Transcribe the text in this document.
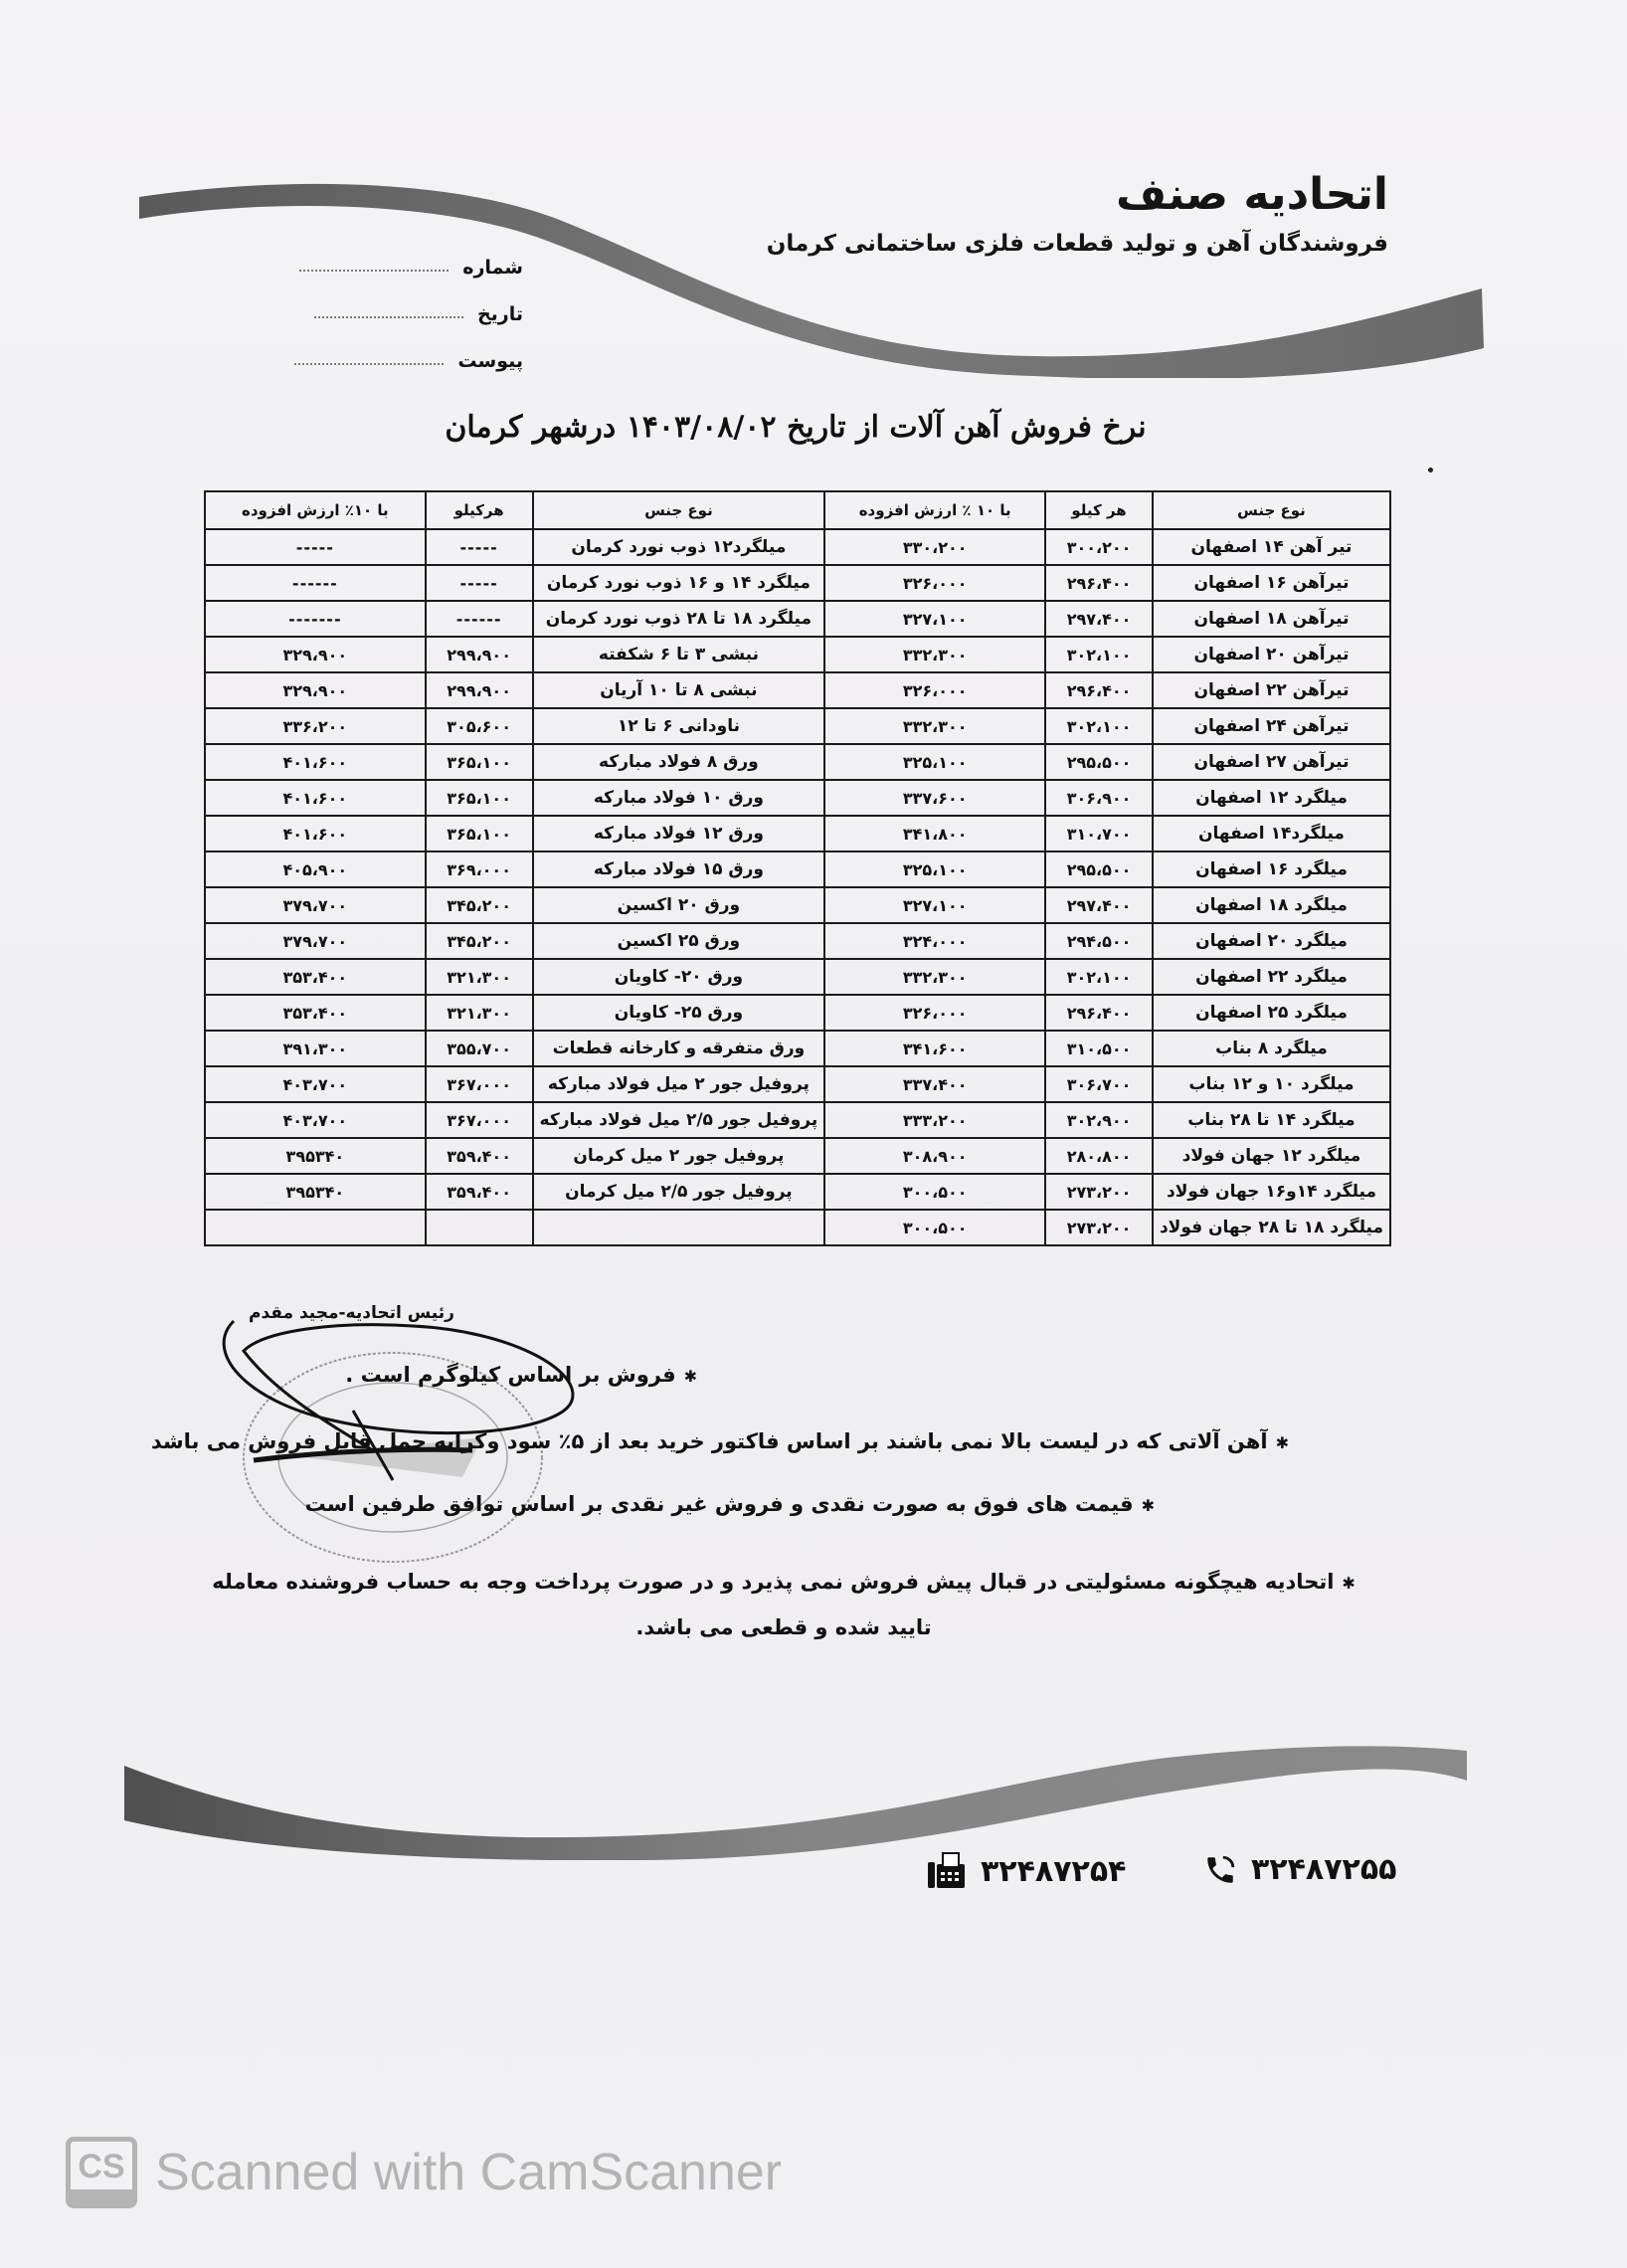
اتحادیه صنف
فروشندگان آهن و تولید قطعات فلزی ساختمانی کرمان
شماره
تاریخ
پیوست
نرخ فروش آهن آلات از تاریخ ۱۴۰۳/۰۸/۰۲ درشهر کرمان
نوع جنس	هر کیلو	با ۱۰ ٪ ارزش افزوده	نوع جنس	هرکیلو	با ۱۰٪ ارزش افزوده
تیر آهن ۱۴ اصفهان	۳۰۰،۲۰۰	۳۳۰،۲۰۰	میلگرد۱۲ ذوب نورد کرمان	-----	-----
تیرآهن ۱۶ اصفهان	۲۹۶،۴۰۰	۳۲۶،۰۰۰	میلگرد ۱۴ و ۱۶ ذوب نورد کرمان	-----	------
تیرآهن ۱۸ اصفهان	۲۹۷،۴۰۰	۳۲۷،۱۰۰	میلگرد ۱۸ تا ۲۸ ذوب نورد کرمان	------	-------
تیرآهن ۲۰ اصفهان	۳۰۲،۱۰۰	۳۳۲،۳۰۰	نبشی ۳ تا ۶ شکفته	۲۹۹،۹۰۰	۳۲۹،۹۰۰
تیرآهن ۲۲ اصفهان	۲۹۶،۴۰۰	۳۲۶،۰۰۰	نبشی ۸ تا ۱۰ آریان	۲۹۹،۹۰۰	۳۲۹،۹۰۰
تیرآهن ۲۴ اصفهان	۳۰۲،۱۰۰	۳۳۲،۳۰۰	ناودانی ۶ تا ۱۲	۳۰۵،۶۰۰	۳۳۶،۲۰۰
تیرآهن ۲۷ اصفهان	۲۹۵،۵۰۰	۳۲۵،۱۰۰	ورق ۸ فولاد مبارکه	۳۶۵،۱۰۰	۴۰۱،۶۰۰
میلگرد ۱۲ اصفهان	۳۰۶،۹۰۰	۳۳۷،۶۰۰	ورق ۱۰ فولاد مبارکه	۳۶۵،۱۰۰	۴۰۱،۶۰۰
میلگرد۱۴ اصفهان	۳۱۰،۷۰۰	۳۴۱،۸۰۰	ورق ۱۲ فولاد مبارکه	۳۶۵،۱۰۰	۴۰۱،۶۰۰
میلگرد ۱۶ اصفهان	۲۹۵،۵۰۰	۳۲۵،۱۰۰	ورق ۱۵ فولاد مبارکه	۳۶۹،۰۰۰	۴۰۵،۹۰۰
میلگرد ۱۸ اصفهان	۲۹۷،۴۰۰	۳۲۷،۱۰۰	ورق ۲۰ اکسین	۳۴۵،۲۰۰	۳۷۹،۷۰۰
میلگرد ۲۰ اصفهان	۲۹۴،۵۰۰	۳۲۴،۰۰۰	ورق ۲۵ اکسین	۳۴۵،۲۰۰	۳۷۹،۷۰۰
میلگرد ۲۲ اصفهان	۳۰۲،۱۰۰	۳۳۲،۳۰۰	ورق ۲۰- کاویان	۳۲۱،۳۰۰	۳۵۳،۴۰۰
میلگرد ۲۵ اصفهان	۲۹۶،۴۰۰	۳۲۶،۰۰۰	ورق ۲۵- کاویان	۳۲۱،۳۰۰	۳۵۳،۴۰۰
میلگرد ۸ بناب	۳۱۰،۵۰۰	۳۴۱،۶۰۰	ورق متفرقه و کارخانه قطعات	۳۵۵،۷۰۰	۳۹۱،۳۰۰
میلگرد ۱۰ و ۱۲ بناب	۳۰۶،۷۰۰	۳۳۷،۴۰۰	پروفیل جور ۲ میل فولاد مبارکه	۳۶۷،۰۰۰	۴۰۳،۷۰۰
میلگرد ۱۴ تا ۲۸ بناب	۳۰۲،۹۰۰	۳۳۳،۲۰۰	پروفیل جور ۲/۵ میل فولاد مبارکه	۳۶۷،۰۰۰	۴۰۳،۷۰۰
میلگرد ۱۲ جهان فولاد	۲۸۰،۸۰۰	۳۰۸،۹۰۰	پروفیل جور ۲ میل کرمان	۳۵۹،۴۰۰	۳۹۵۳۴۰
میلگرد ۱۴و۱۶ جهان فولاد	۲۷۳،۲۰۰	۳۰۰،۵۰۰	پروفیل جور ۲/۵ میل کرمان	۳۵۹،۴۰۰	۳۹۵۳۴۰
میلگرد ۱۸ تا ۲۸ جهان فولاد	۲۷۳،۲۰۰	۳۰۰،۵۰۰			
رئیس اتحادیه-مجید مقدم
✱فروش بر اساس کیلوگرم است .
✱آهن آلاتی که در لیست بالا نمی باشند بر اساس فاکتور خرید بعد از ۵٪ سود وکرایه حمل قابل فروش می باشد
✱قیمت های فوق به صورت نقدی و فروش غیر نقدی بر اساس توافق طرفین است
✱اتحادیه هیچگونه مسئولیتی در قبال پیش فروش نمی پذیرد و در صورت پرداخت وجه به حساب فروشنده معامله تایید شده و قطعی می باشد.
۳۲۴۸۷۲۵۵
۳۲۴۸۷۲۵۴
CS Scanned with CamScanner
